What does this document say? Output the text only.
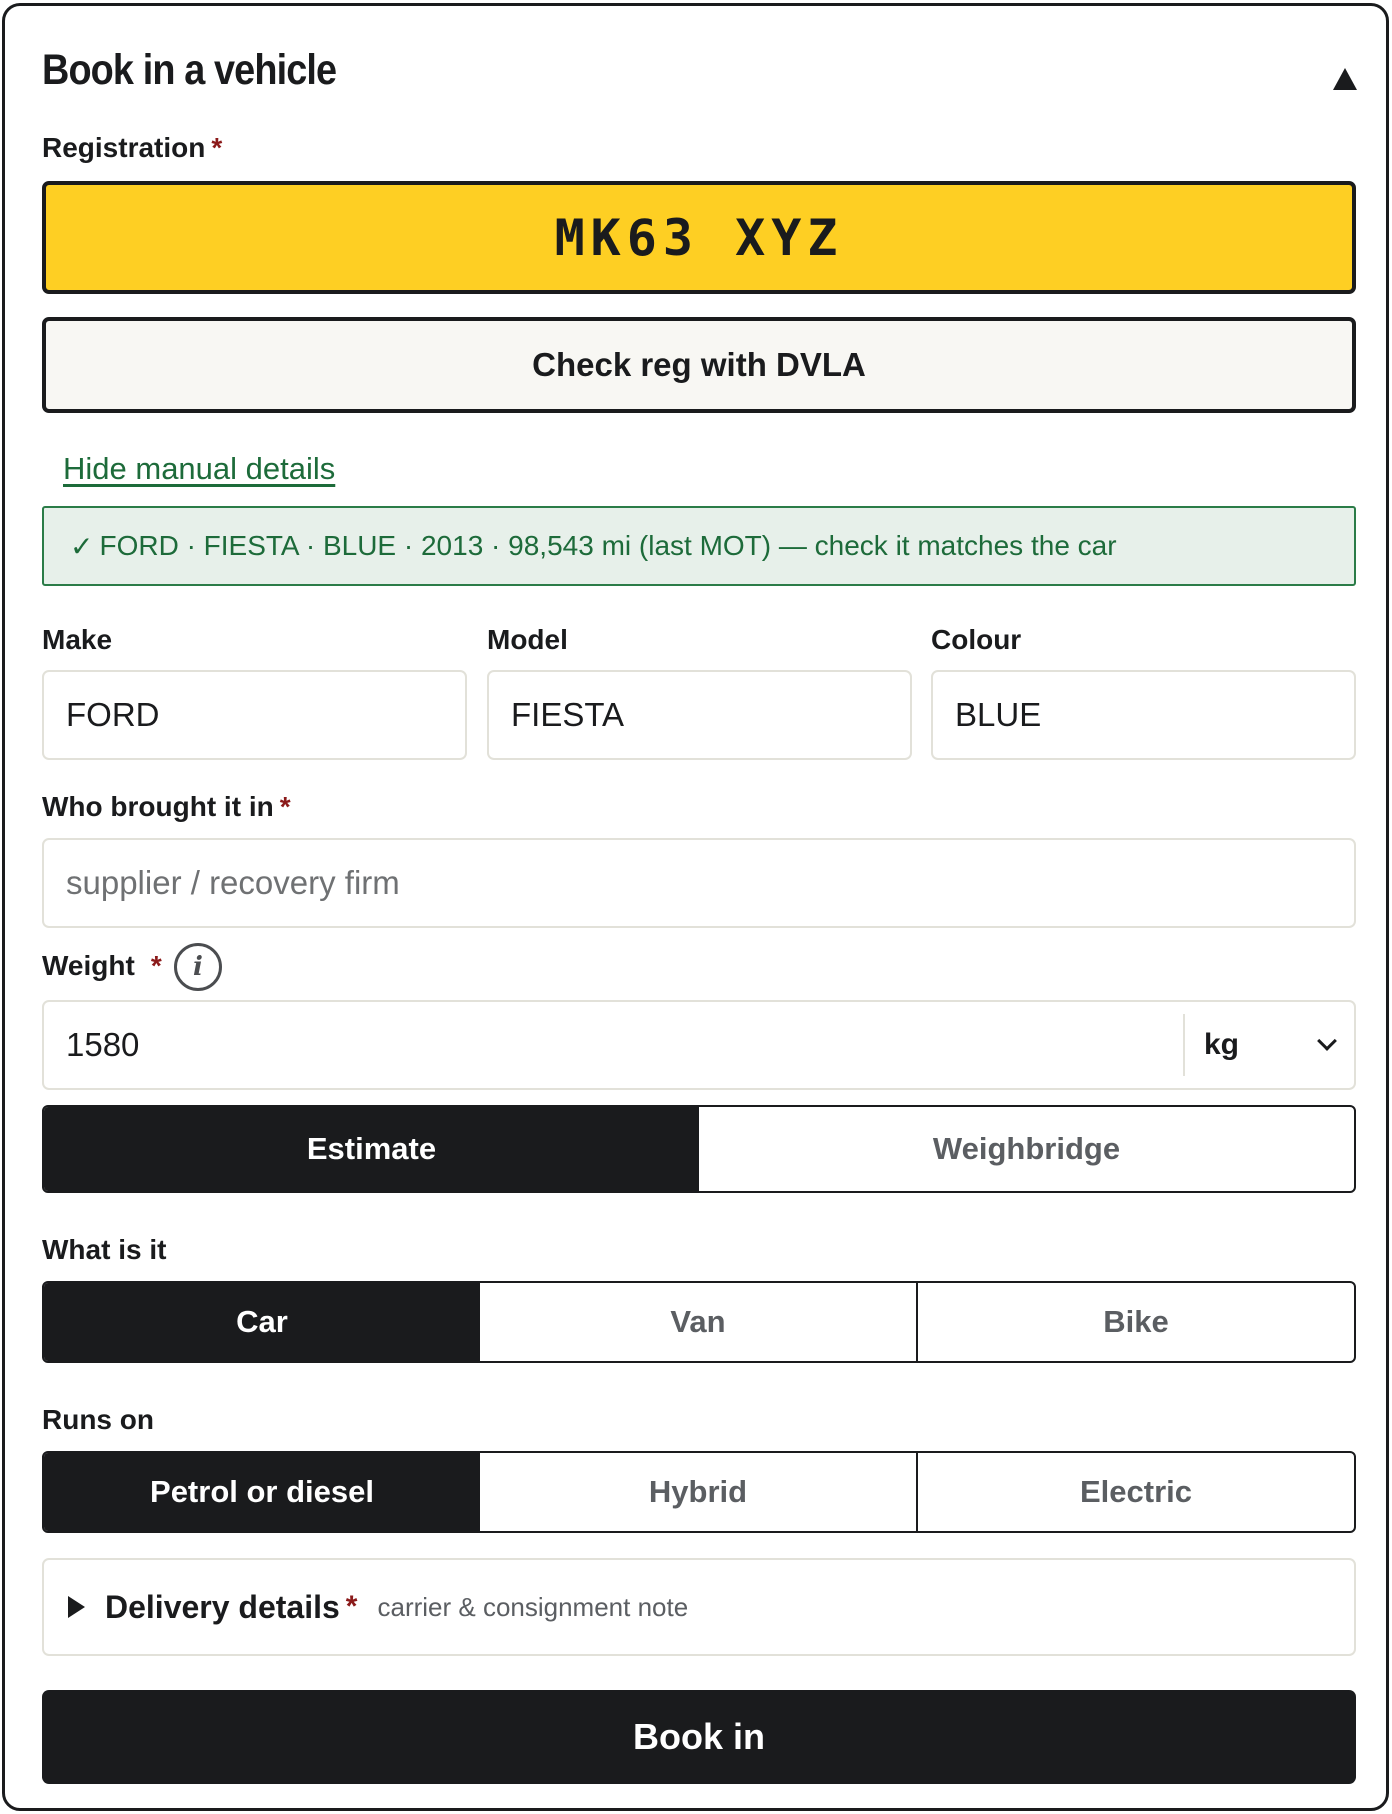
Book in a vehicle
Registration *
MK63 XYZ
Check reg with DVLA
Hide manual details
✓ FORD · FIESTA · BLUE · 2013 · 98,543 mi (last MOT) — check it matches the car
Make
FORD
Model
FIESTA
Colour
BLUE
Who brought it in *
supplier / recovery firm
Weight *	i
1580	kg
Estimate	Weighbridge
What is it
Car	Van	Bike
Runs on
Petrol or diesel	Hybrid	Electric
Delivery details * carrier & consignment note
Book in
